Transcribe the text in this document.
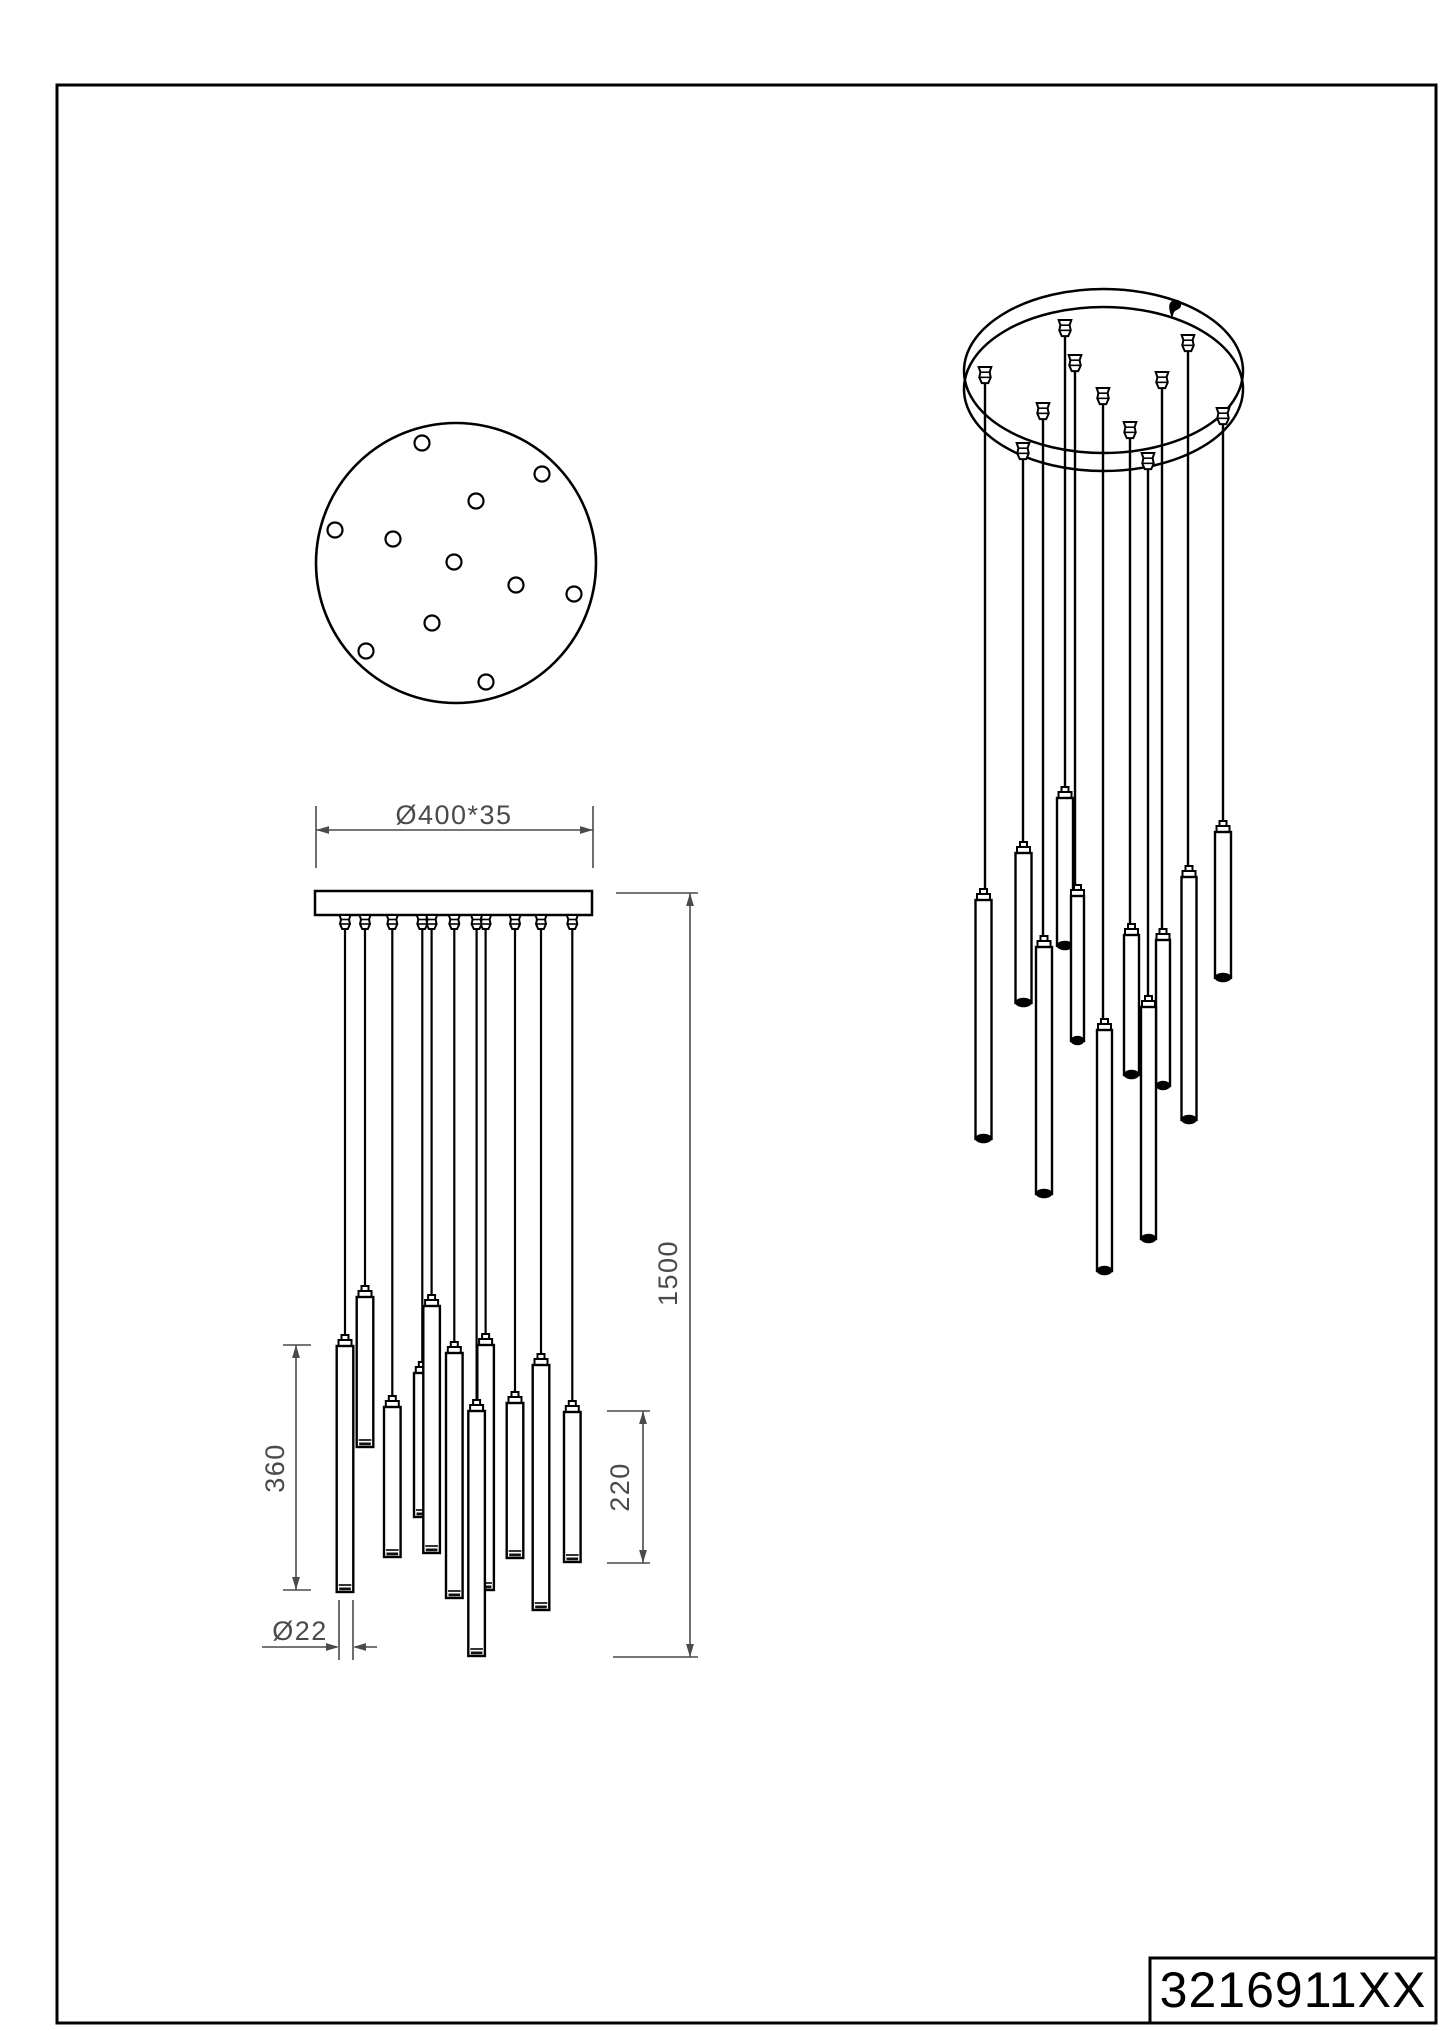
Ø400*35
1500
360	220
Ø22
3216911XX
